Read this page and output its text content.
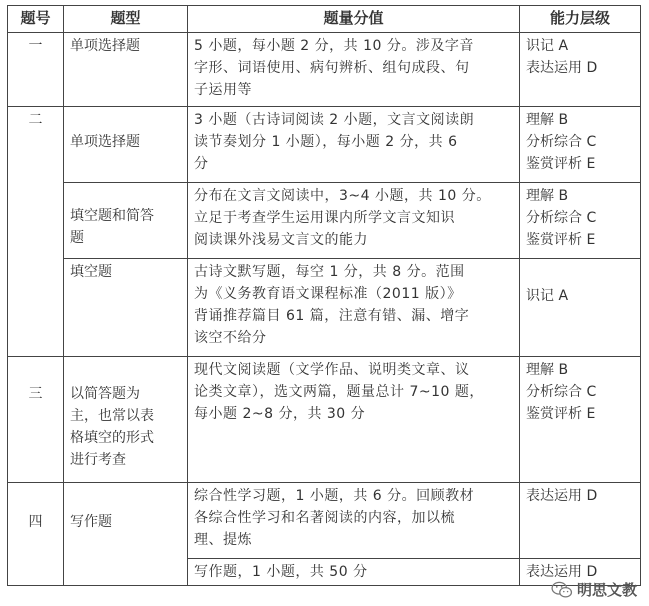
题号	题型	题量分值	能力层级
一	单项选择题	5 小题，每小题 2 分，共 10 分。涉及字音
字形、词语使用、病句辨析、组句成段、句
子运用等	识记 A
表达运用 D

二	单项选择题	3 小题（古诗词阅读 2 小题，文言文阅读朗
读节奏划分 1 小题），每小题 2 分，共 6
分	理解 B
分析综合 C
鉴赏评析 E

	填空题和简答
题	分布在文言文阅读中，3~4 小题，共 10 分。
立足于考查学生运用课内所学文言文知识
阅读课外浅易文言文的能力	理解 B
分析综合 C
鉴赏评析 E

	填空题	古诗文默写题，每空 1 分，共 8 分。范围
为《义务教育语文课程标准（2011 版）》
背诵推荐篇目 61 篇，注意有错、漏、增字
该空不给分	识记 A

三	以简答题为
主，也常以表
格填空的形式
进行考查	现代文阅读题（文学作品、说明类文章、议
论类文章），选文两篇，题量总计 7~10 题，
每小题 2~8 分，共 30 分	理解 B
分析综合 C
鉴赏评析 E

四	写作题	综合性学习题，1 小题，共 6 分。回顾教材
各综合性学习和名著阅读的内容，加以梳
理、提炼	表达运用 D

		写作题，1 小题，共 50 分	表达运用 D
明思文教
